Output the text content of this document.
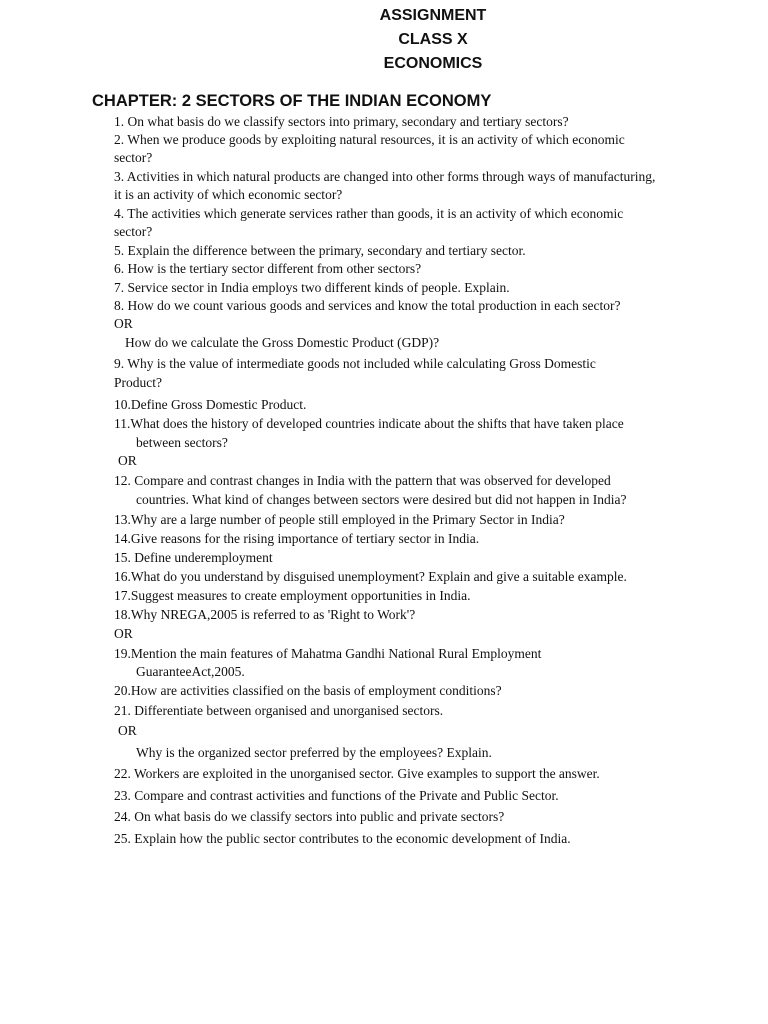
ASSIGNMENT
CLASS X
ECONOMICS
CHAPTER: 2 SECTORS OF THE INDIAN ECONOMY
1. On what basis do we classify sectors into primary, secondary and tertiary sectors?
2. When we produce goods by exploiting natural resources, it is an activity of which economic
sector?
3. Activities in which natural products are changed into other forms through ways of manufacturing,
it is an activity of which economic sector?
4. The activities which generate services rather than goods, it is an activity of which economic
sector?
5. Explain the difference between the primary, secondary and tertiary sector.
6. How is the tertiary sector different from other sectors?
7. Service sector in India employs two different kinds of people. Explain.
8. How do we count various goods and services and know the total production in each sector?
OR
How do we calculate the Gross Domestic Product (GDP)?
9. Why is the value of intermediate goods not included while calculating Gross Domestic
Product?
10.Define Gross Domestic Product.
11.What does the history of developed countries indicate about the shifts that have taken place
between sectors?
OR
12. Compare and contrast changes in India with the pattern that was observed for developed
countries. What kind of changes between sectors were desired but did not happen in India?
13.Why are a large number of people still employed in the Primary Sector in India?
14.Give reasons for the rising importance of tertiary sector in India.
15. Define underemployment
16.What do you understand by disguised unemployment? Explain and give a suitable example.
17.Suggest measures to create employment opportunities in India.
18.Why NREGA,2005 is referred to as 'Right to Work'?
OR
19.Mention the main features of Mahatma Gandhi National Rural Employment
GuaranteeAct,2005.
20.How are activities classified on the basis of employment conditions?
21. Differentiate between organised and unorganised sectors.
OR
Why is the organized sector preferred by the employees? Explain.
22. Workers are exploited in the unorganised sector. Give examples to support the answer.
23. Compare and contrast activities and functions of the Private and Public Sector.
24. On what basis do we classify sectors into public and private sectors?
25. Explain how the public sector contributes to the economic development of India.
